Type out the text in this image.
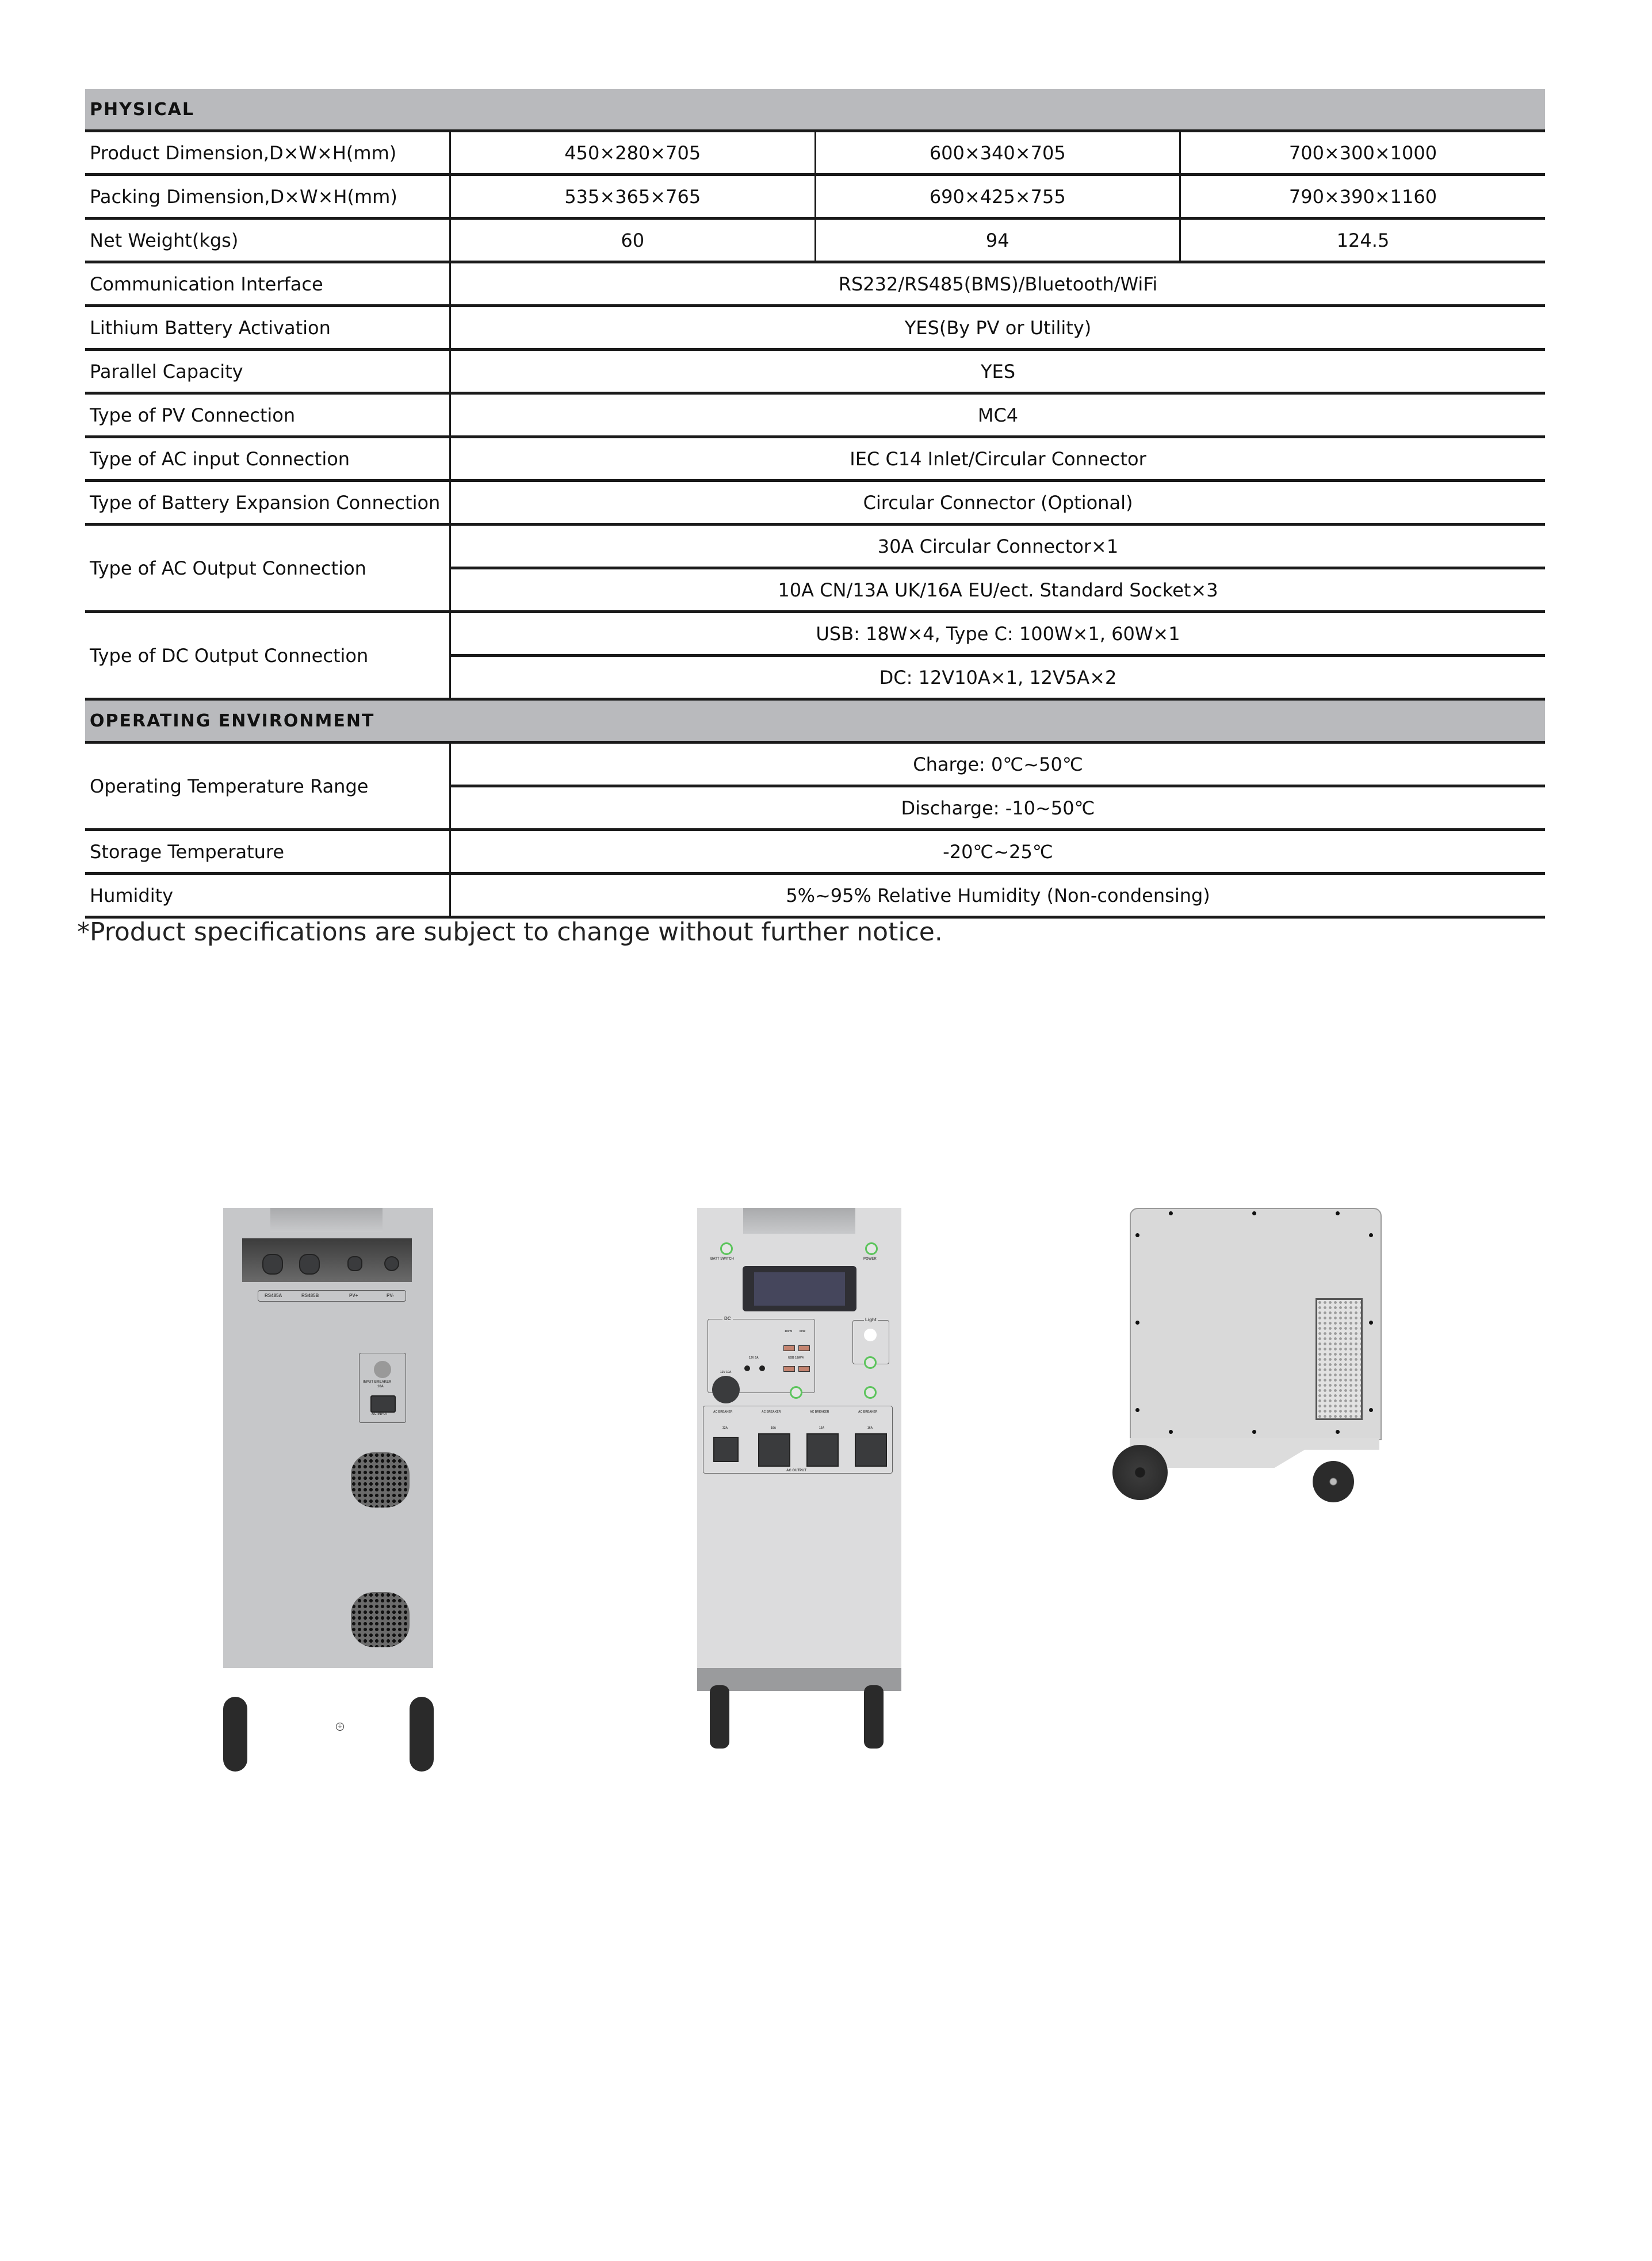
PHYSICAL			
Product Dimension,D×W×H(mm)	450×280×705	600×340×705	700×300×1000
Packing Dimension,D×W×H(mm)	535×365×765	690×425×755	790×390×1160
Net Weight(kgs)	60	94	124.5
Communication Interface	RS232/RS485(BMS)/Bluetooth/WiFi		
Lithium Battery Activation	YES(By PV or Utility)		
Parallel Capacity	YES		
Type of PV Connection	MC4		
Type of AC input Connection	IEC C14 Inlet/Circular Connector		
Type of Battery Expansion Connection	Circular Connector (Optional)		
Type of AC Output Connection	30A Circular Connector×1		
	10A CN/13A UK/16A EU/ect. Standard Socket×3		
Type of DC Output Connection	USB: 18W×4, Type C: 100W×1, 60W×1		
	DC: 12V10A×1, 12V5A×2		
OPERATING ENVIRONMENT			
Operating Temperature Range	Charge: 0℃~50℃		
	Discharge: -10~50℃		
Storage Temperature	-20℃~25℃		
Humidity	5%~95% Relative Humidity (Non-condensing)		
*Product specifications are subject to change without further notice.
RS485A	RS485B	PV+	PV-
INPUT BREAKER
16A
AC INPUT
⏚
BATT SWITCH	POWER
DC
100W	60W
USB 18W*4
12V 5A
12V 10A
Light
AC BREAKER
32A
AC BREAKER
16A
AC BREAKER
16A
AC BREAKER
16A
AC OUTPUT
